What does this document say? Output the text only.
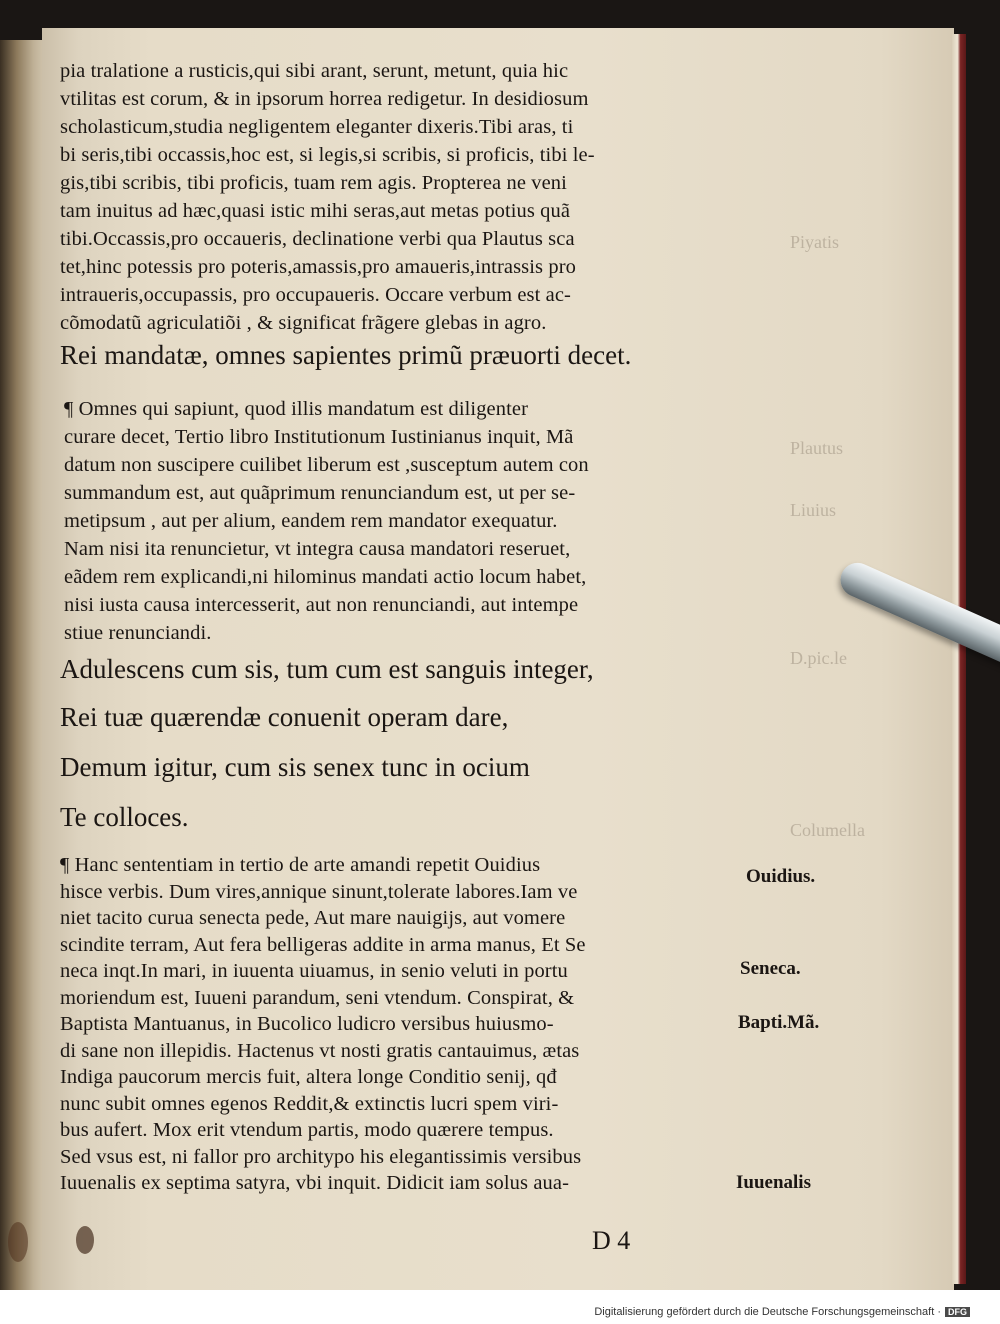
Piyatis
Plautus
Liuius
D.pic.le
Columella
pia tralatione a rusticis,qui sibi arant, serunt, metunt, quia hic
vtilitas est corum, & in ipsorum horrea redigetur. In desidiosum
scholasticum,studia negligentem eleganter dixeris.Tibi aras, ti
bi seris,tibi occassis,hoc est, si legis,si scribis, si proficis, tibi le-
gis,tibi scribis, tibi proficis, tuam rem agis. Propterea ne veni
tam inuitus ad hæc,quasi istic mihi seras,aut metas potius quã
tibi.Occassis,pro occaueris, declinatione verbi qua Plautus sca
tet,hinc potessis pro poteris,amassis,pro amaueris,intrassis pro
intraueris,occupassis, pro occupaueris. Occare verbum est ac-
cõmodatũ agriculatiõi , & significat frãgere glebas in agro.
Rei mandatæ, omnes sapientes primũ præuorti decet.
¶ Omnes qui sapiunt, quod illis mandatum est diligenter
curare decet, Tertio libro Institutionum Iustinianus inquit, Mã
datum non suscipere cuilibet liberum est ,susceptum autem con
summandum est, aut quãprimum renunciandum est, ut per se-
metipsum , aut per alium, eandem rem mandator exequatur.
Nam nisi ita renuncietur, vt integra causa mandatori reseruet,
eãdem rem explicandi,ni hilominus mandati actio locum habet,
nisi iusta causa intercesserit, aut non renunciandi, aut intempe
stiue renunciandi.
Adulescens cum sis, tum cum est sanguis integer,
Rei tuæ quærendæ conuenit operam dare,
Demum igitur, cum sis senex tunc in ocium
Te colloces.
¶ Hanc sententiam in tertio de arte amandi repetit Ouidius
hisce verbis. Dum vires,annique sinunt,tolerate labores.Iam ve
niet tacito curua senecta pede, Aut mare nauigijs, aut vomere
scindite terram, Aut fera belligeras addite in arma manus, Et Se
neca inqt.In mari, in iuuenta uiuamus, in senio veluti in portu
moriendum est, Iuueni parandum, seni vtendum. Conspirat, &
Baptista Mantuanus, in Bucolico ludicro versibus huiusmo-
di sane non illepidis. Hactenus vt nosti gratis cantauimus, ætas
Indiga paucorum mercis fuit, altera longe Conditio senij, qđ
nunc subit omnes egenos Reddit,& extinctis lucri spem viri-
bus aufert. Mox erit vtendum partis, modo quærere tempus.
Sed vsus est, ni fallor pro architypo his elegantissimis versibus
Iuuenalis ex septima satyra, vbi inquit. Didicit iam solus aua-
Ouidius.
Seneca.
Bapti.Mã.
Iuuenalis
D 4
Digitalisierung gefördert durch die Deutsche Forschungsgemeinschaft · DFG
